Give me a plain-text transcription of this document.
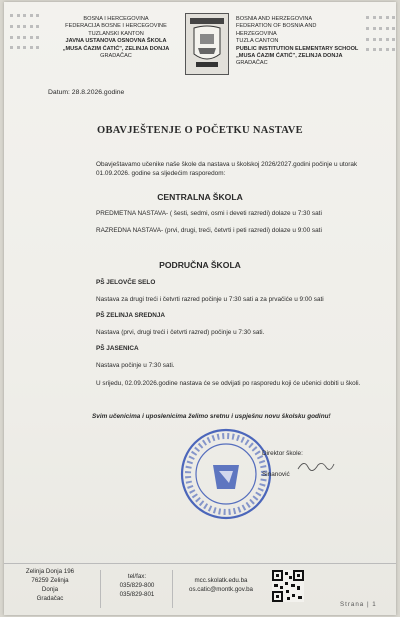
BOSNA I HERCEGOVINA
FEDERACIJA BOSNE I HERCEGOVINE
TUZLANSKI KANTON
JAVNA USTANOVA OSNOVNA ŠKOLA
„MUSA ĆAZIM ĆATIĆ", ZELINJA DONJA
GRADAČAC
BOSNIA AND HERZEGOVINA
FEDERATION OF BOSNIA AND
HERZEGOVINA
TUZLA CANTON
PUBLIC INSTITUTION ELEMENTARY SCHOOL
„MUSA ĆAZIM ĆATIĆ", ZELINJA DONJA
GRADAČAC
Datum: 28.8.2026.godine
OBAVJEŠTENJE O POČETKU NASTAVE
Obavještavamo učenike naše škole da nastava u školskoj 2026/2027.godini počinje u utorak 01.09.2026. godine sa sljedećim rasporedom:
CENTRALNA ŠKOLA
PREDMETNA NASTAVA- ( šesti, sedmi, osmi i deveti razredi) dolaze u 7:30 sati
RAZREDNA NASTAVA- (prvi, drugi, treći, četvrti i peti razredi) dolaze u 9:00 sati
PODRUČNA ŠKOLA
PŠ JELOVČE SELO
Nastava za drugi treći i četvrti razred počinje u 7:30 sati a za prvačiće u 9:00 sati
PŠ ZELINJA SREDNJA
Nastava (prvi, drugi treći i četvrti razred) počinje u 7:30 sati.
PŠ JASENICA
Nastava počinje u 7:30 sati.
U srijedu, 02.09.2026.godine nastava će se odvijati po rasporedu koji će učenici dobiti u školi.
Svim učenicima i uposlenicima želimo sretnu i uspješnu novu školsku godinu!
Direktor škole:
Sinanović
Zelinja Donja 196
76259 Zelinja
Donja
Gradačac
tel/fax:
035/829-800
035/829-801
mcc.skolatk.edu.ba
os.catic@montk.gov.ba
Strana | 1
